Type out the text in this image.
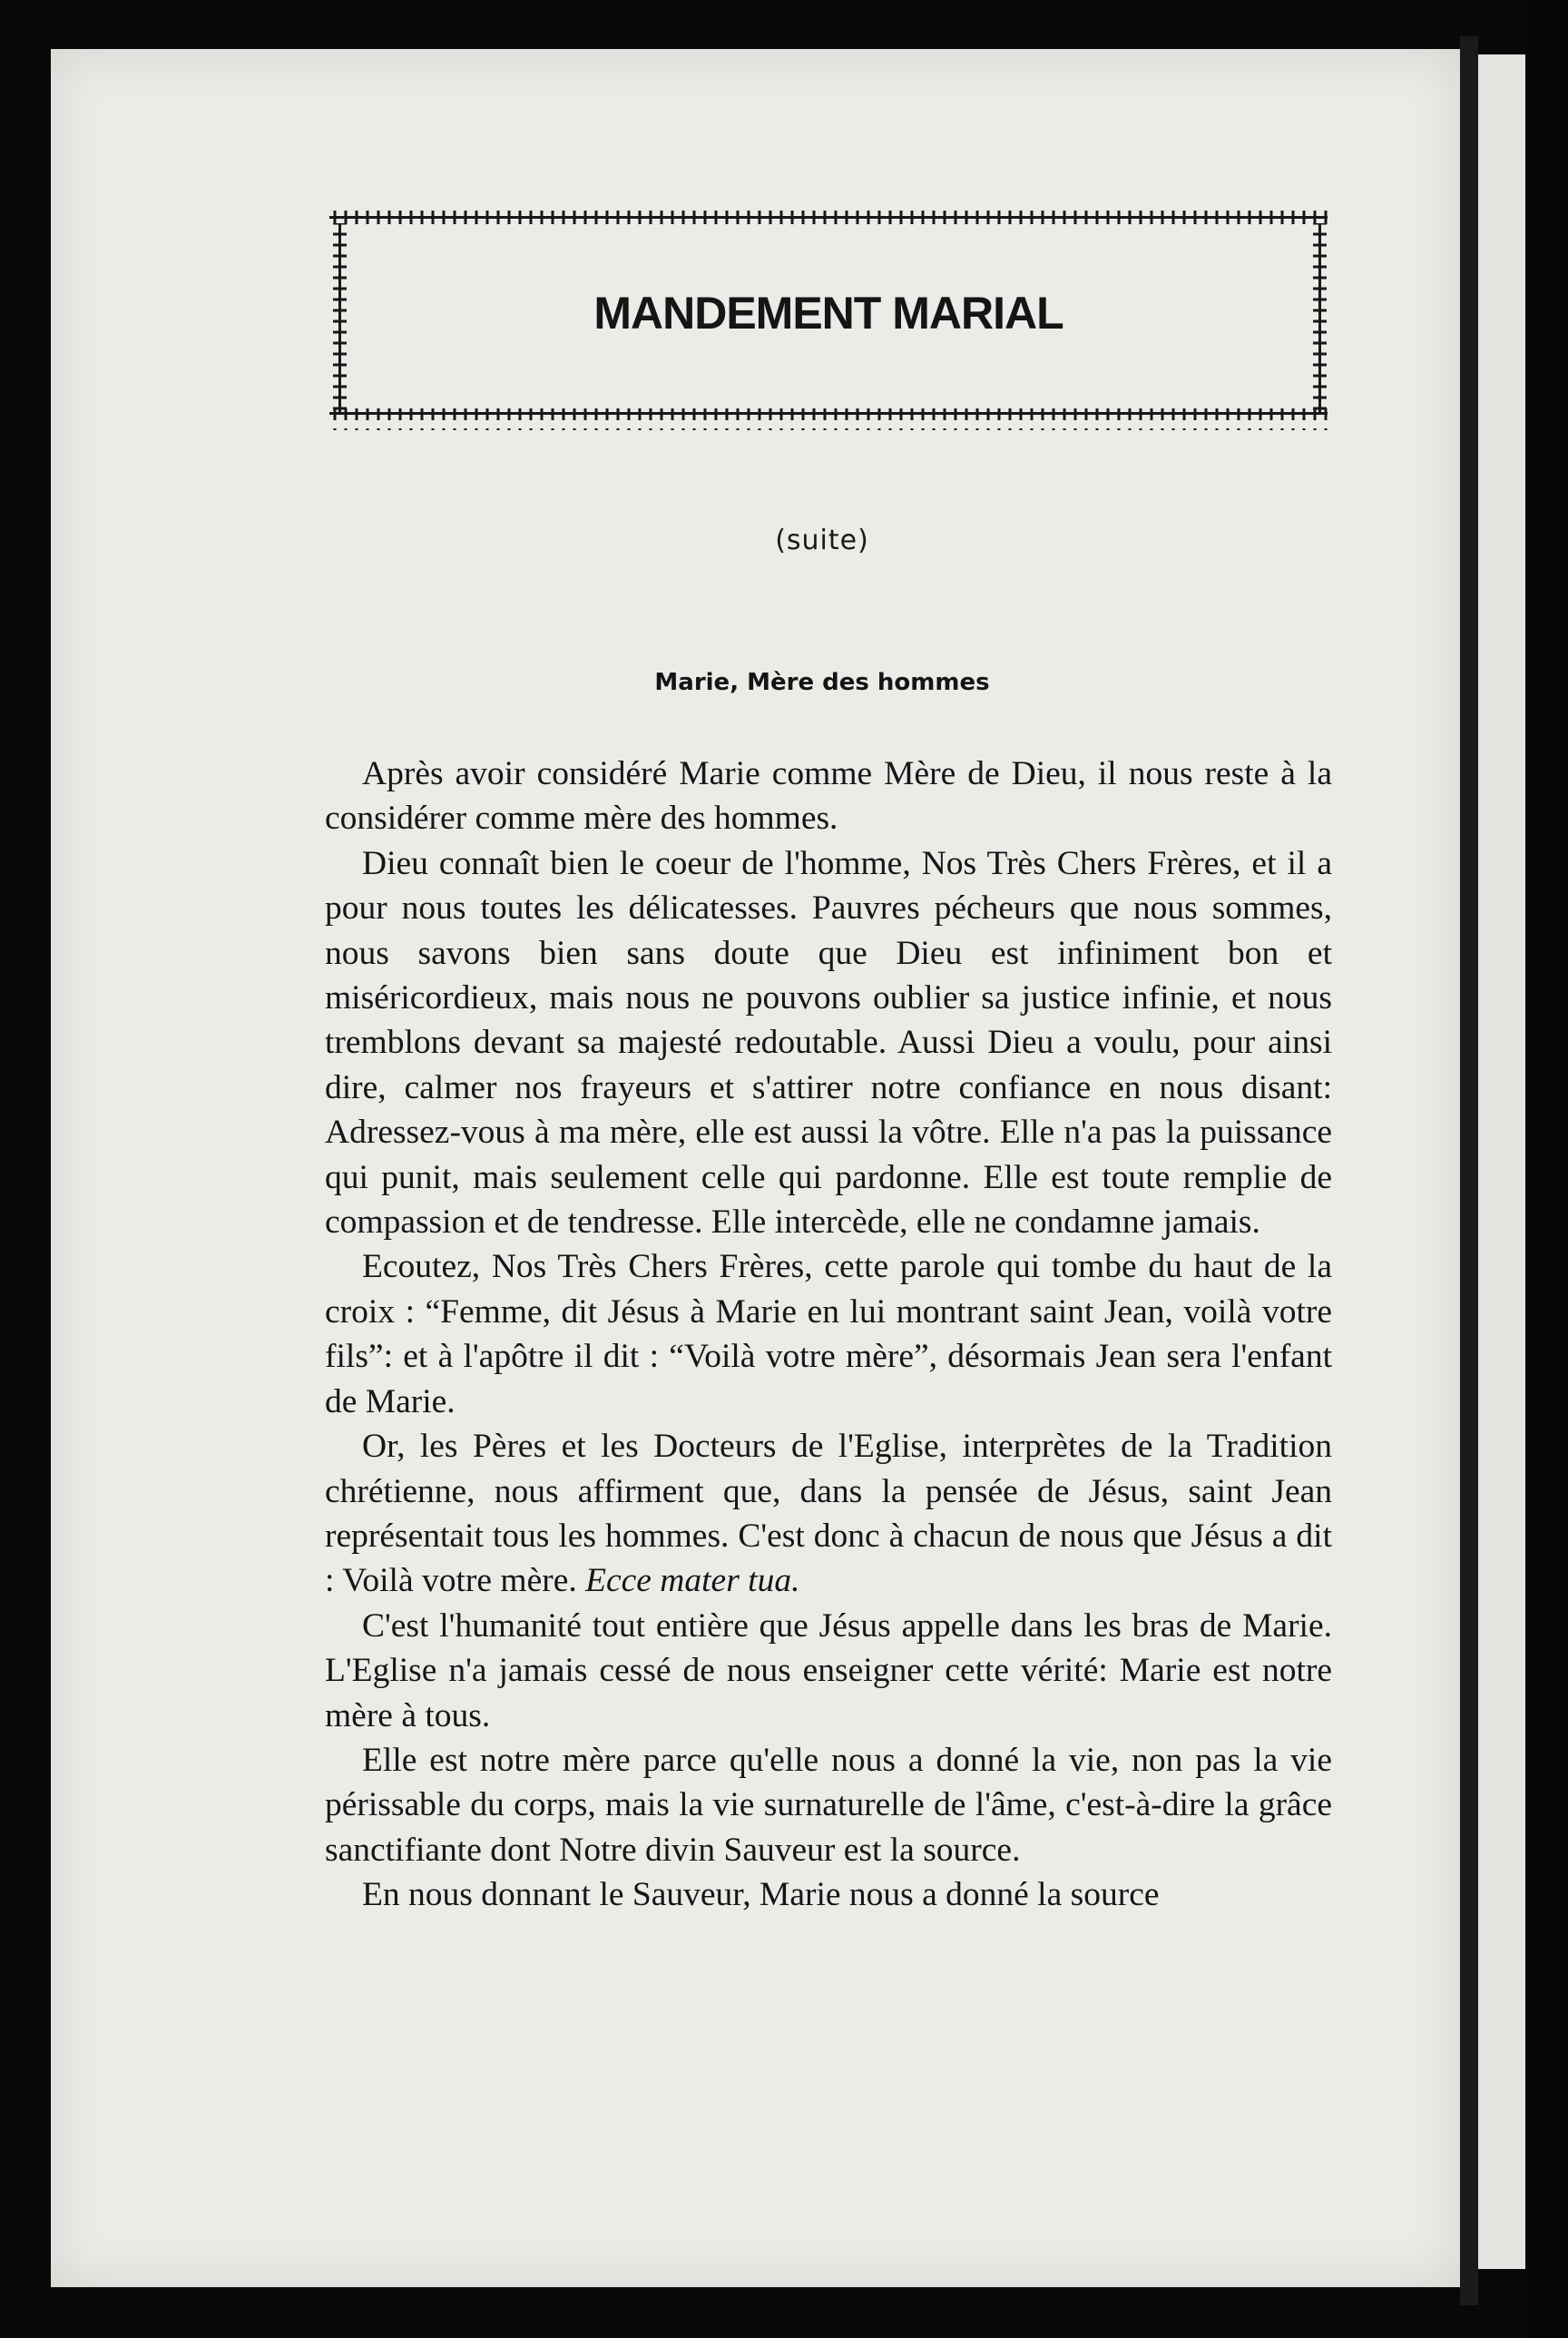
MANDEMENT MARIAL
(suite)
Marie, Mère des hommes

Après avoir considéré Marie comme Mère de Dieu, il nous reste à la considérer comme mère des hommes.

Dieu connaît bien le coeur de l'homme, Nos Très Chers Frères, et il a pour nous toutes les délicatesses. Pauvres pécheurs que nous sommes, nous savons bien sans doute que Dieu est infiniment bon et miséricordieux, mais nous ne pouvons oublier sa justice infinie, et nous tremblons devant sa majesté redoutable. Aussi Dieu a voulu, pour ainsi dire, calmer nos frayeurs et s'attirer notre confiance en nous disant: Adressez-vous à ma mère, elle est aussi la vôtre. Elle n'a pas la puissance qui punit, mais seulement celle qui pardonne. Elle est toute remplie de compassion et de tendresse. Elle intercède, elle ne condamne jamais.

Ecoutez, Nos Très Chers Frères, cette parole qui tombe du haut de la croix : “Femme, dit Jésus à Marie en lui montrant saint Jean, voilà votre fils”: et à l'apôtre il dit : “Voilà votre mère”, désormais Jean sera l'enfant de Marie.

Or, les Pères et les Docteurs de l'Eglise, interprètes de la Tradition chrétienne, nous affirment que, dans la pensée de Jésus, saint Jean représentait tous les hommes. C'est donc à chacun de nous que Jésus a dit : Voilà votre mère. Ecce mater tua.

C'est l'humanité tout entière que Jésus appelle dans les bras de Marie. L'Eglise n'a jamais cessé de nous enseigner cette vérité: Marie est notre mère à tous.

Elle est notre mère parce qu'elle nous a donné la vie, non pas la vie périssable du corps, mais la vie surnaturelle de l'âme, c'est-à-dire la grâce sanctifiante dont Notre divin Sauveur est la source.

En nous donnant le Sauveur, Marie nous a donné la source
